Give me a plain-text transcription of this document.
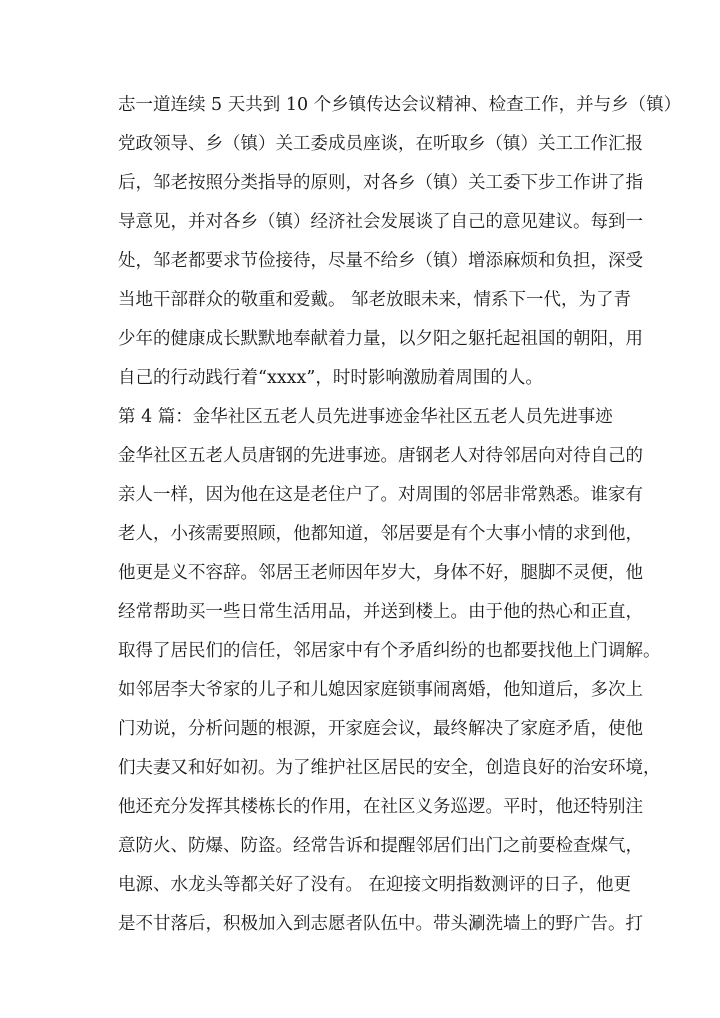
志一道连续 5 天共到 10 个乡镇传达会议精神、检查工作，并与乡（镇）
党政领导、乡（镇）关工委成员座谈，在听取乡（镇）关工工作汇报
后，邹老按照分类指导的原则，对各乡（镇）关工委下步工作讲了指
导意见，并对各乡（镇）经济社会发展谈了自己的意见建议。每到一
处，邹老都要求节俭接待，尽量不给乡（镇）增添麻烦和负担，深受
当地干部群众的敬重和爱戴。 邹老放眼未来，情系下一代，为了青
少年的健康成长默默地奉献着力量，以夕阳之躯托起祖国的朝阳，用
自己的行动践行着“xxxx”，时时影响激励着周围的人。
第 4 篇：金华社区五老人员先进事迹金华社区五老人员先进事迹
金华社区五老人员唐钢的先进事迹。唐钢老人对待邻居向对待自己的
亲人一样，因为他在这是老住户了。对周围的邻居非常熟悉。谁家有
老人，小孩需要照顾，他都知道，邻居要是有个大事小情的求到他，
他更是义不容辞。邻居王老师因年岁大，身体不好，腿脚不灵便，他
经常帮助买一些日常生活用品，并送到楼上。由于他的热心和正直，
取得了居民们的信任，邻居家中有个矛盾纠纷的也都要找他上门调解。
如邻居李大爷家的儿子和儿媳因家庭锁事闹离婚，他知道后，多次上
门劝说，分析问题的根源，开家庭会议，最终解决了家庭矛盾，使他
们夫妻又和好如初。为了维护社区居民的安全，创造良好的治安环境，
他还充分发挥其楼栋长的作用，在社区义务巡逻。平时，他还特别注
意防火、防爆、防盗。经常告诉和提醒邻居们出门之前要检查煤气，
电源、水龙头等都关好了没有。 在迎接文明指数测评的日子，他更
是不甘落后，积极加入到志愿者队伍中。带头涮洗墙上的野广告。打
